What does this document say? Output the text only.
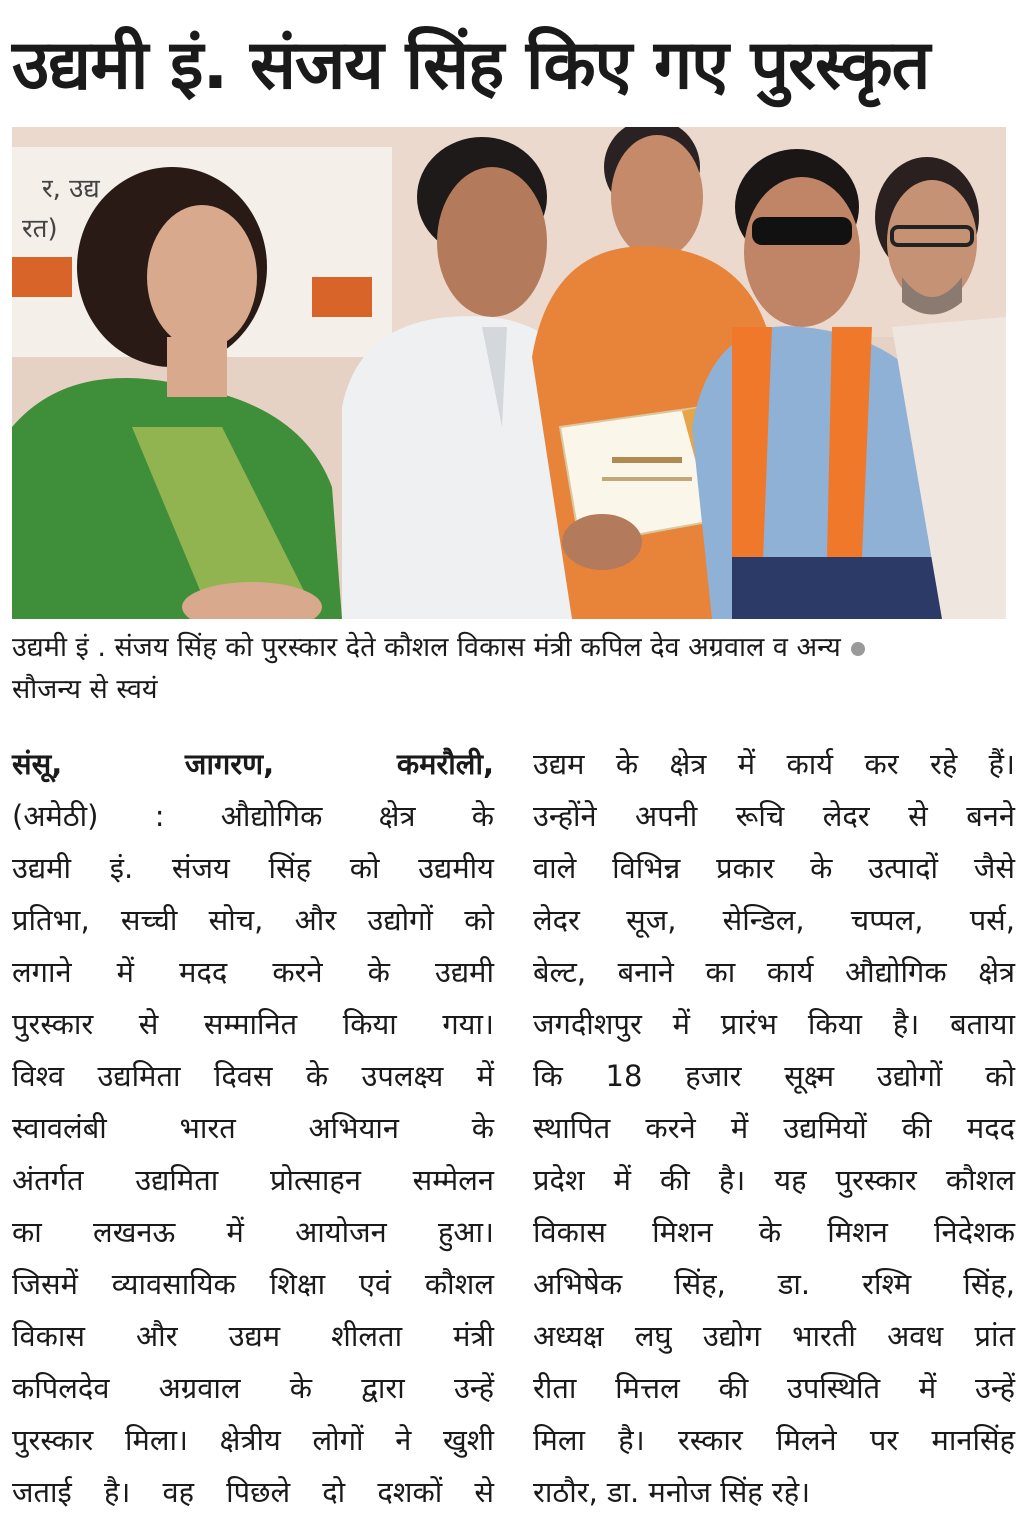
उद्यमी इं. संजय सिंह किए गए पुरस्कृत
र, उद्य
रत)
उद्यमी इं . संजय सिंह को पुरस्कार देते कौशल विकास मंत्री कपिल देव अग्रवाल व अन्य
सौजन्य से स्वयं
संसू, जागरण, कमरौली,
(अमेठी) : औद्योगिक क्षेत्र के
उद्यमी इं. संजय सिंह को उद्यमीय
प्रतिभा, सच्ची सोच, और उद्योगों को
लगाने में मदद करने के उद्यमी
पुरस्कार से सम्मानित किया गया।
विश्व उद्यमिता दिवस के उपलक्ष्य में
स्वावलंबी भारत अभियान के
अंतर्गत उद्यमिता प्रोत्साहन सम्मेलन
का लखनऊ में आयोजन हुआ।
जिसमें व्यावसायिक शिक्षा एवं कौशल
विकास और उद्यम शीलता मंत्री
कपिलदेव अग्रवाल के द्वारा उन्हें
पुरस्कार मिला। क्षेत्रीय लोगों ने खुशी
जताई है। वह पिछले दो दशकों से
उद्यम के क्षेत्र में कार्य कर रहे हैं।
उन्होंने अपनी रूचि लेदर से बनने
वाले विभिन्न प्रकार के उत्पादों जैसे
लेदर सूज, सेन्डिल, चप्पल, पर्स,
बेल्ट, बनाने का कार्य औद्योगिक क्षेत्र
जगदीशपुर में प्रारंभ किया है। बताया
कि 18 हजार सूक्ष्म उद्योगों को
स्थापित करने में उद्यमियों की मदद
प्रदेश में की है। यह पुरस्कार कौशल
विकास मिशन के मिशन निदेशक
अभिषेक सिंह, डा. रश्मि सिंह,
अध्यक्ष लघु उद्योग भारती अवध प्रांत
रीता मित्तल की उपस्थिति में उन्हें
मिला है। रस्कार मिलने पर मानसिंह
राठौर, डा. मनोज सिंह रहे।
